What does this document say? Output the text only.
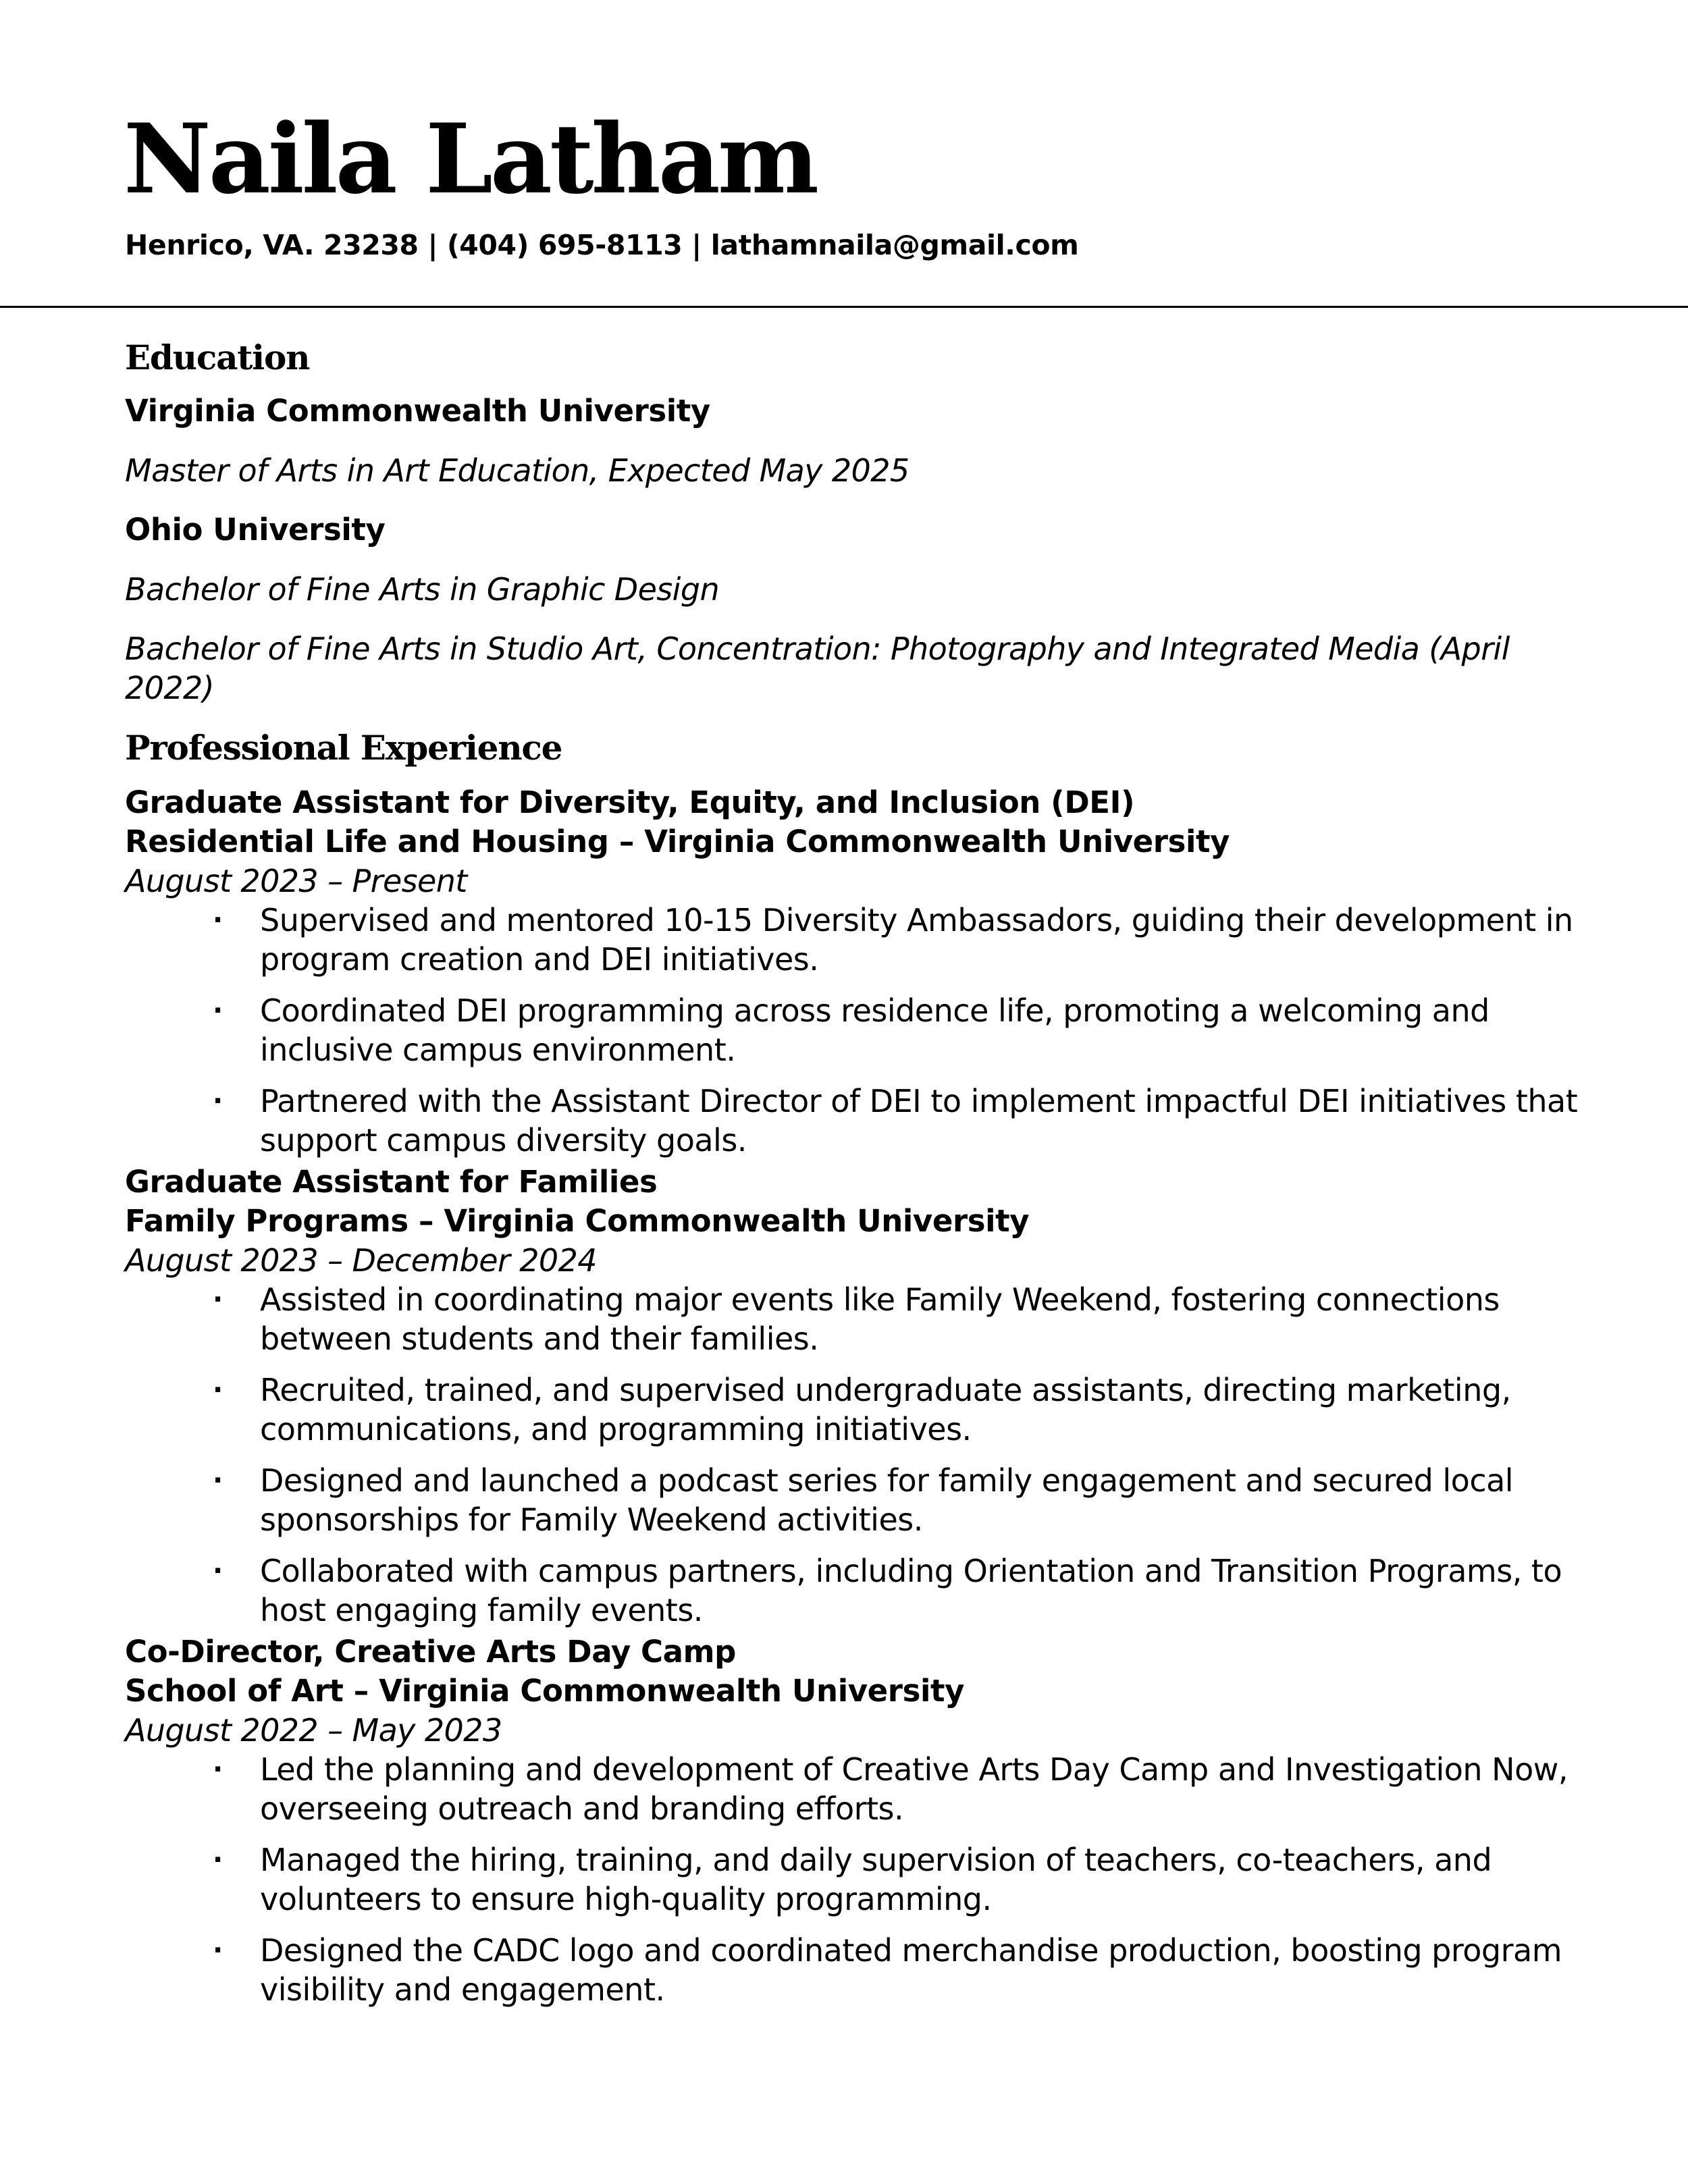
Naila Latham

Henrico, VA. 23238 | (404) 695-8113 | lathamnaila@gmail.com

Education

Virginia Commonwealth University

Master of Arts in Art Education, Expected May 2025

Ohio University

Bachelor of Fine Arts in Graphic Design

Bachelor of Fine Arts in Studio Art, Concentration: Photography and Integrated Media (April 2022)

Professional Experience

Graduate Assistant for Diversity, Equity, and Inclusion (DEI)

Residential Life and Housing – Virginia Commonwealth University

August 2023 – Present

· Supervised and mentored 10-15 Diversity Ambassadors, guiding their development in program creation and DEI initiatives.
· Coordinated DEI programming across residence life, promoting a welcoming and inclusive campus environment.
· Partnered with the Assistant Director of DEI to implement impactful DEI initiatives that support campus diversity goals.

Graduate Assistant for Families

Family Programs – Virginia Commonwealth University

August 2023 – December 2024

· Assisted in coordinating major events like Family Weekend, fostering connections between students and their families.
· Recruited, trained, and supervised undergraduate assistants, directing marketing, communications, and programming initiatives.
· Designed and launched a podcast series for family engagement and secured local sponsorships for Family Weekend activities.
· Collaborated with campus partners, including Orientation and Transition Programs, to host engaging family events.

Co-Director, Creative Arts Day Camp

School of Art – Virginia Commonwealth University

August 2022 – May 2023

· Led the planning and development of Creative Arts Day Camp and Investigation Now, overseeing outreach and branding efforts.
· Managed the hiring, training, and daily supervision of teachers, co-teachers, and volunteers to ensure high-quality programming.
· Designed the CADC logo and coordinated merchandise production, boosting program visibility and engagement.
